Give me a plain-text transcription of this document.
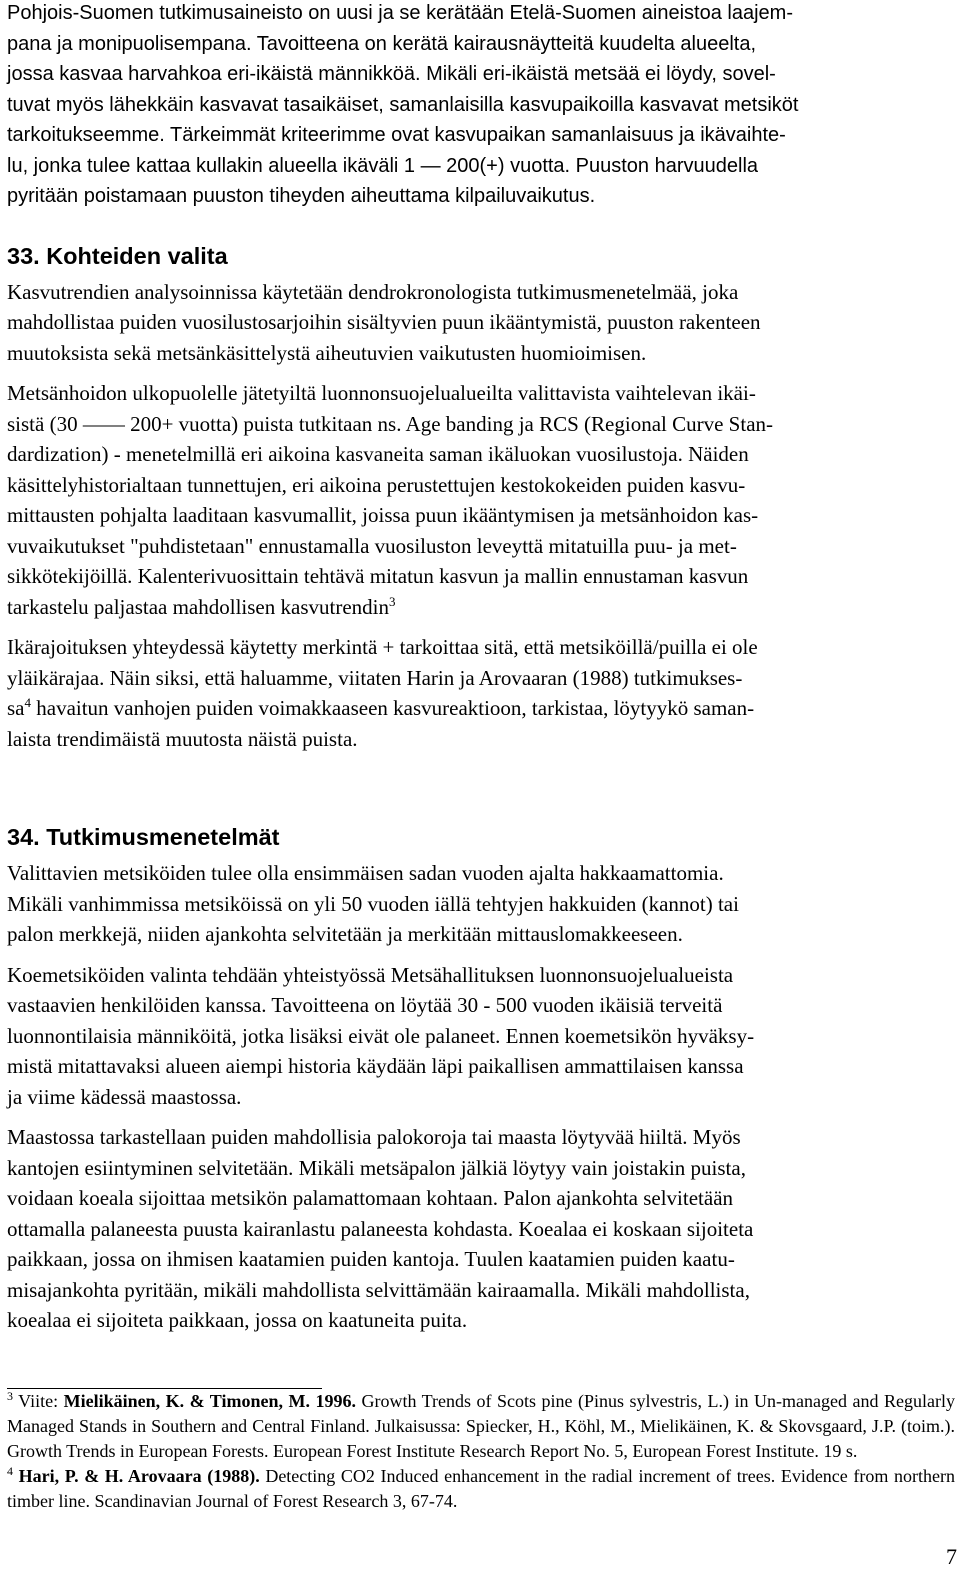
Pohjois-Suomen tutkimusaineisto on uusi ja se kerätään Etelä-Suomen aineistoa laajem-
pana ja monipuolisempana. Tavoitteena on kerätä kairausnäytteitä kuudelta alueelta,
jossa kasvaa harvahkoa eri-ikäistä männikköä. Mikäli eri-ikäistä metsää ei löydy, sovel-
tuvat myös lähekkäin kasvavat tasaikäiset, samanlaisilla kasvupaikoilla kasvavat metsiköt
tarkoitukseemme. Tärkeimmät kriteerimme ovat kasvupaikan samanlaisuus ja ikävaihte-
lu, jonka tulee kattaa kullakin alueella ikäväli 1 — 200(+) vuotta. Puuston harvuudella
pyritään poistamaan puuston tiheyden aiheuttama kilpailuvaikutus.
33. Kohteiden valita
Kasvutrendien analysoinnissa käytetään dendrokronologista tutkimusmenetelmää, joka
mahdollistaa puiden vuosilustosarjoihin sisältyvien puun ikääntymistä, puuston rakenteen
muutoksista sekä metsänkäsittelystä aiheutuvien vaikutusten huomioimisen.
Metsänhoidon ulkopuolelle jätetyiltä luonnonsuojelualueilta valittavista vaihtelevan ikäi-
sistä (30 —— 200+ vuotta) puista tutkitaan ns. Age banding ja RCS (Regional Curve Stan-
dardization) - menetelmillä eri aikoina kasvaneita saman ikäluokan vuosilustoja. Näiden
käsittelyhistorialtaan tunnettujen, eri aikoina perustettujen kestokokeiden puiden kasvu-
mittausten pohjalta laaditaan kasvumallit, joissa puun ikääntymisen ja metsänhoidon kas-
vuvaikutukset "puhdistetaan" ennustamalla vuosiluston leveyttä mitatuilla puu- ja met-
sikkötekijöillä. Kalenterivuosittain tehtävä mitatun kasvun ja mallin ennustaman kasvun
tarkastelu paljastaa mahdollisen kasvutrendin$^3$
Ikärajoituksen yhteydessä käytetty merkintä + tarkoittaa sitä, että metsiköillä/puilla ei ole
yläikärajaa. Näin siksi, että haluamme, viitaten Harin ja Arovaaran (1988) tutkimukses-
$sa^4$ havaitun vanhojen puiden voimakkaaseen kasvureaktioon, tarkistaa, löytyykö saman-
laista trendimäistä muutosta näistä puista.
34. Tutkimusmenetelmät
Valittavien metsiköiden tulee olla ensimmäisen sadan vuoden ajalta hakkaamattomia.
Mikäli vanhimmissa metsiköissä on yli 50 vuoden iällä tehtyjen hakkuiden (kannot) tai
palon merkkejä, niiden ajankohta selvitetään ja merkitään mittauslomakkeeseen.
Koemetsiköiden valinta tehdään yhteistyössä Metsähallituksen luonnonsuojelualueista
vastaavien henkilöiden kanssa. Tavoitteena on löytää 30 - 500 vuoden ikäisiä terveitä
luonnontilaisia männiköitä, jotka lisäksi eivät ole palaneet. Ennen koemetsikön hyväksy-
mistä mitattavaksi alueen aiempi historia käydään läpi paikallisen ammattilaisen kanssa
ja viime kädessä maastossa.
Maastossa tarkastellaan puiden mahdollisia palokoroja tai maasta löytyvää hiiltä. Myös
kantojen esiintyminen selvitetään. Mikäli metsäpalon jälkiä löytyy vain joistakin puista,
voidaan koeala sijoittaa metsikön palamattomaan kohtaan. Palon ajankohta selvitetään
ottamalla palaneesta puusta kairanlastu palaneesta kohdasta. Koealaa ei koskaan sijoiteta
paikkaan, jossa on ihmisen kaatamien puiden kantoja. Tuulen kaatamien puiden kaatu-
misajankohta pyritään, mikäli mahdollista selvittämään kairaamalla. Mikäli mahdollista,
koealaa ei sijoiteta paikkaan, jossa on kaatuneita puita.

$^3$ Viite: Mielikäinen, K. & Timonen, M. 1996. Growth Trends of Scots pine (Pinus sylvestris, L.) in Un-managed and Regularly Managed Stands in Southern and Central Finland. Julkaisussa: Spiecker, H., Köhl, M., Mielikäinen, K. & Skovsgaard, J.P. (toim.). Growth Trends in European Forests. European Forest Institute Research Report No. 5, European Forest Institute. 19 s.

$^4$ Hari, P. & H. Arovaara (1988). Detecting CO2 Induced enhancement in the radial increment of trees. Evidence from northern timber line. Scandinavian Journal of Forest Research 3, 67-74.

7
